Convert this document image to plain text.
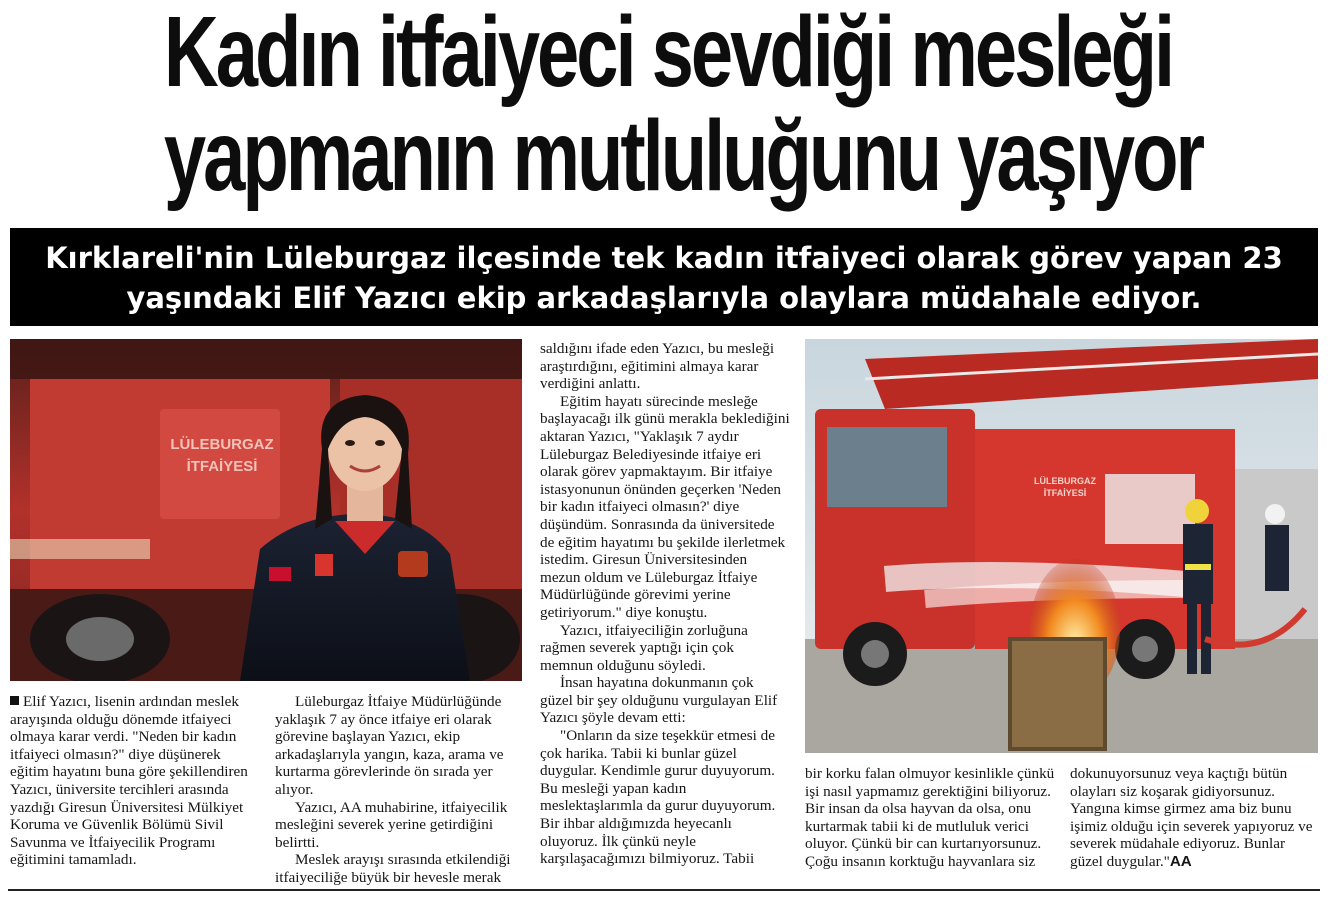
Kadın itfaiyeci sevdiği mesleği
yapmanın mutluluğunu yaşıyor
Kırklareli'nin Lüleburgaz ilçesinde tek kadın itfaiyeci olarak görev yapan 23
yaşındaki Elif Yazıcı ekip arkadaşlarıyla olaylara müdahale ediyor.
LÜLEBURGAZ
İTFAİYESİ
LÜLEBURGAZ
İTFAİYESİ

Elif Yazıcı, lisenin ardından meslek arayışında olduğu dönemde itfaiyeci olmaya karar verdi. "Neden bir kadın itfaiyeci olmasın?" diye düşünerek eğitim hayatını buna göre şekillendiren Yazıcı, üniversite tercihleri arasında yazdığı Giresun Üniversitesi Mülkiyet Koruma ve Güvenlik Bölümü Sivil Savunma ve İtfaiyecilik Programı eğitimini tamamladı.

Lüleburgaz İtfaiye Müdürlüğünde yaklaşık 7 ay önce itfaiye eri olarak görevine başlayan Yazıcı, ekip arkadaşlarıyla yangın, kaza, arama ve kurtarma görevlerinde ön sırada yer alıyor.

Yazıcı, AA muhabirine, itfaiyecilik mesleğini severek yerine getirdiğini belirtti.

Meslek arayışı sırasında etkilendiği itfaiyeciliğe büyük bir hevesle merak

saldığını ifade eden Yazıcı, bu mesleği araştırdığını, eğitimini almaya karar verdiğini anlattı.

Eğitim hayatı sürecinde mesleğe başlayacağı ilk günü merakla beklediğini aktaran Yazıcı, "Yaklaşık 7 aydır Lüleburgaz Belediyesinde itfaiye eri olarak görev yapmaktayım. Bir itfaiye istasyonunun önünden geçerken 'Neden bir kadın itfaiyeci olmasın?' diye düşündüm. Sonrasında da üniversitede de eğitim hayatımı bu şekilde ilerletmek istedim. Giresun Üniversitesinden mezun oldum ve Lüleburgaz İtfaiye Müdürlüğünde görevimi yerine getiriyorum." diye konuştu.

Yazıcı, itfaiyeciliğin zorluğuna rağmen severek yaptığı için çok memnun olduğunu söyledi.

İnsan hayatına dokunmanın çok güzel bir şey olduğunu vurgulayan Elif Yazıcı şöyle devam etti:

"Onların da size teşekkür etmesi de çok harika. Tabii ki bunlar güzel duygular. Kendimle gurur duyuyorum. Bu mesleği yapan kadın meslektaşlarımla da gurur duyuyorum. Bir ihbar aldığımızda heyecanlı oluyoruz. İlk çünkü neyle karşılaşacağımızı bilmiyoruz. Tabii

bir korku falan olmuyor kesinlikle çünkü işi nasıl yapmamız gerektiğini biliyoruz. Bir insan da olsa hayvan da olsa, onu kurtarmak tabii ki de mutluluk verici oluyor. Çünkü bir can kurtarıyorsunuz. Çoğu insanın korktuğu hayvanlara siz

dokunuyorsunuz veya kaçtığı bütün olayları siz koşarak gidiyorsunuz. Yangına kimse girmez ama biz bunu işimiz olduğu için severek yapıyoruz ve severek müdahale ediyoruz. Bunlar güzel duygular."AA
